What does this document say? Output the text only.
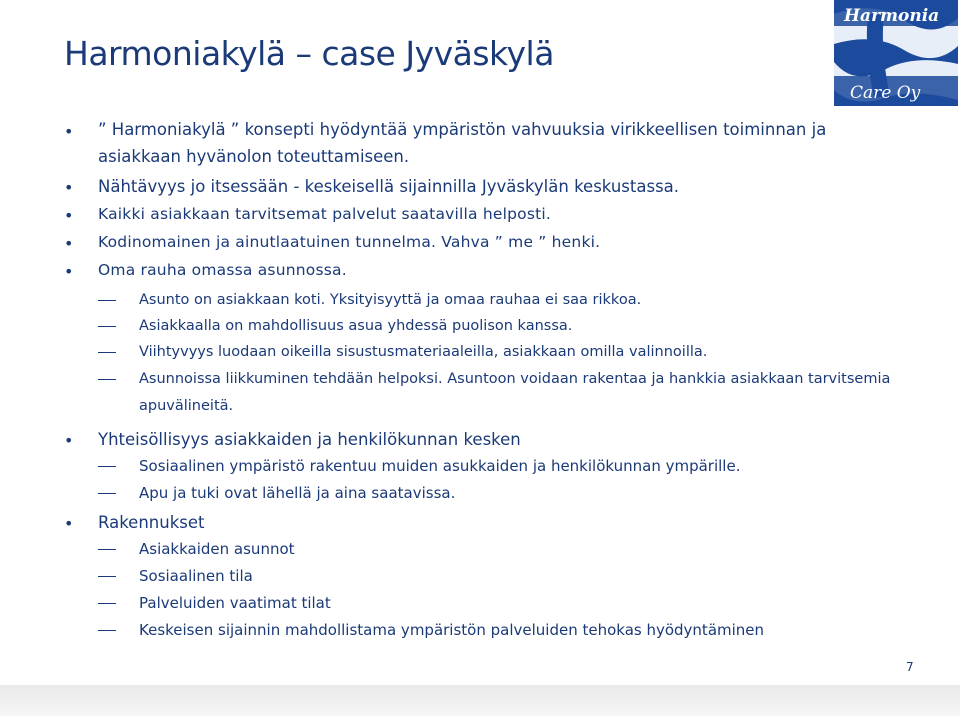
Harmoniakylä – case Jyväskylä
Harmonia
Care Oy
• ” Harmoniakylä ” konsepti hyödyntää ympäristön vahvuuksia virikkeellisen toiminnan ja
asiakkaan hyvänolon toteuttamiseen.
• Nähtävyys jo itsessään - keskeisellä sijainnilla Jyväskylän keskustassa.
• Kaikki asiakkaan tarvitsemat palvelut saatavilla helposti.
• Kodinomainen ja ainutlaatuinen tunnelma. Vahva ” me ” henki.
• Oma rauha omassa asunnossa.
Asunto on asiakkaan koti. Yksityisyyttä ja omaa rauhaa ei saa rikkoa.
Asiakkaalla on mahdollisuus asua yhdessä puolison kanssa.
Viihtyvyys luodaan oikeilla sisustusmateriaaleilla, asiakkaan omilla valinnoilla.
Asunnoissa liikkuminen tehdään helpoksi. Asuntoon voidaan rakentaa ja hankkia asiakkaan tarvitsemia
apuvälineitä.
• Yhteisöllisyys asiakkaiden ja henkilökunnan kesken
Sosiaalinen ympäristö rakentuu muiden asukkaiden ja henkilökunnan ympärille.
Apu ja tuki ovat lähellä ja aina saatavissa.
• Rakennukset
Asiakkaiden asunnot
Sosiaalinen tila
Palveluiden vaatimat tilat
Keskeisen sijainnin mahdollistama ympäristön palveluiden tehokas hyödyntäminen
7
